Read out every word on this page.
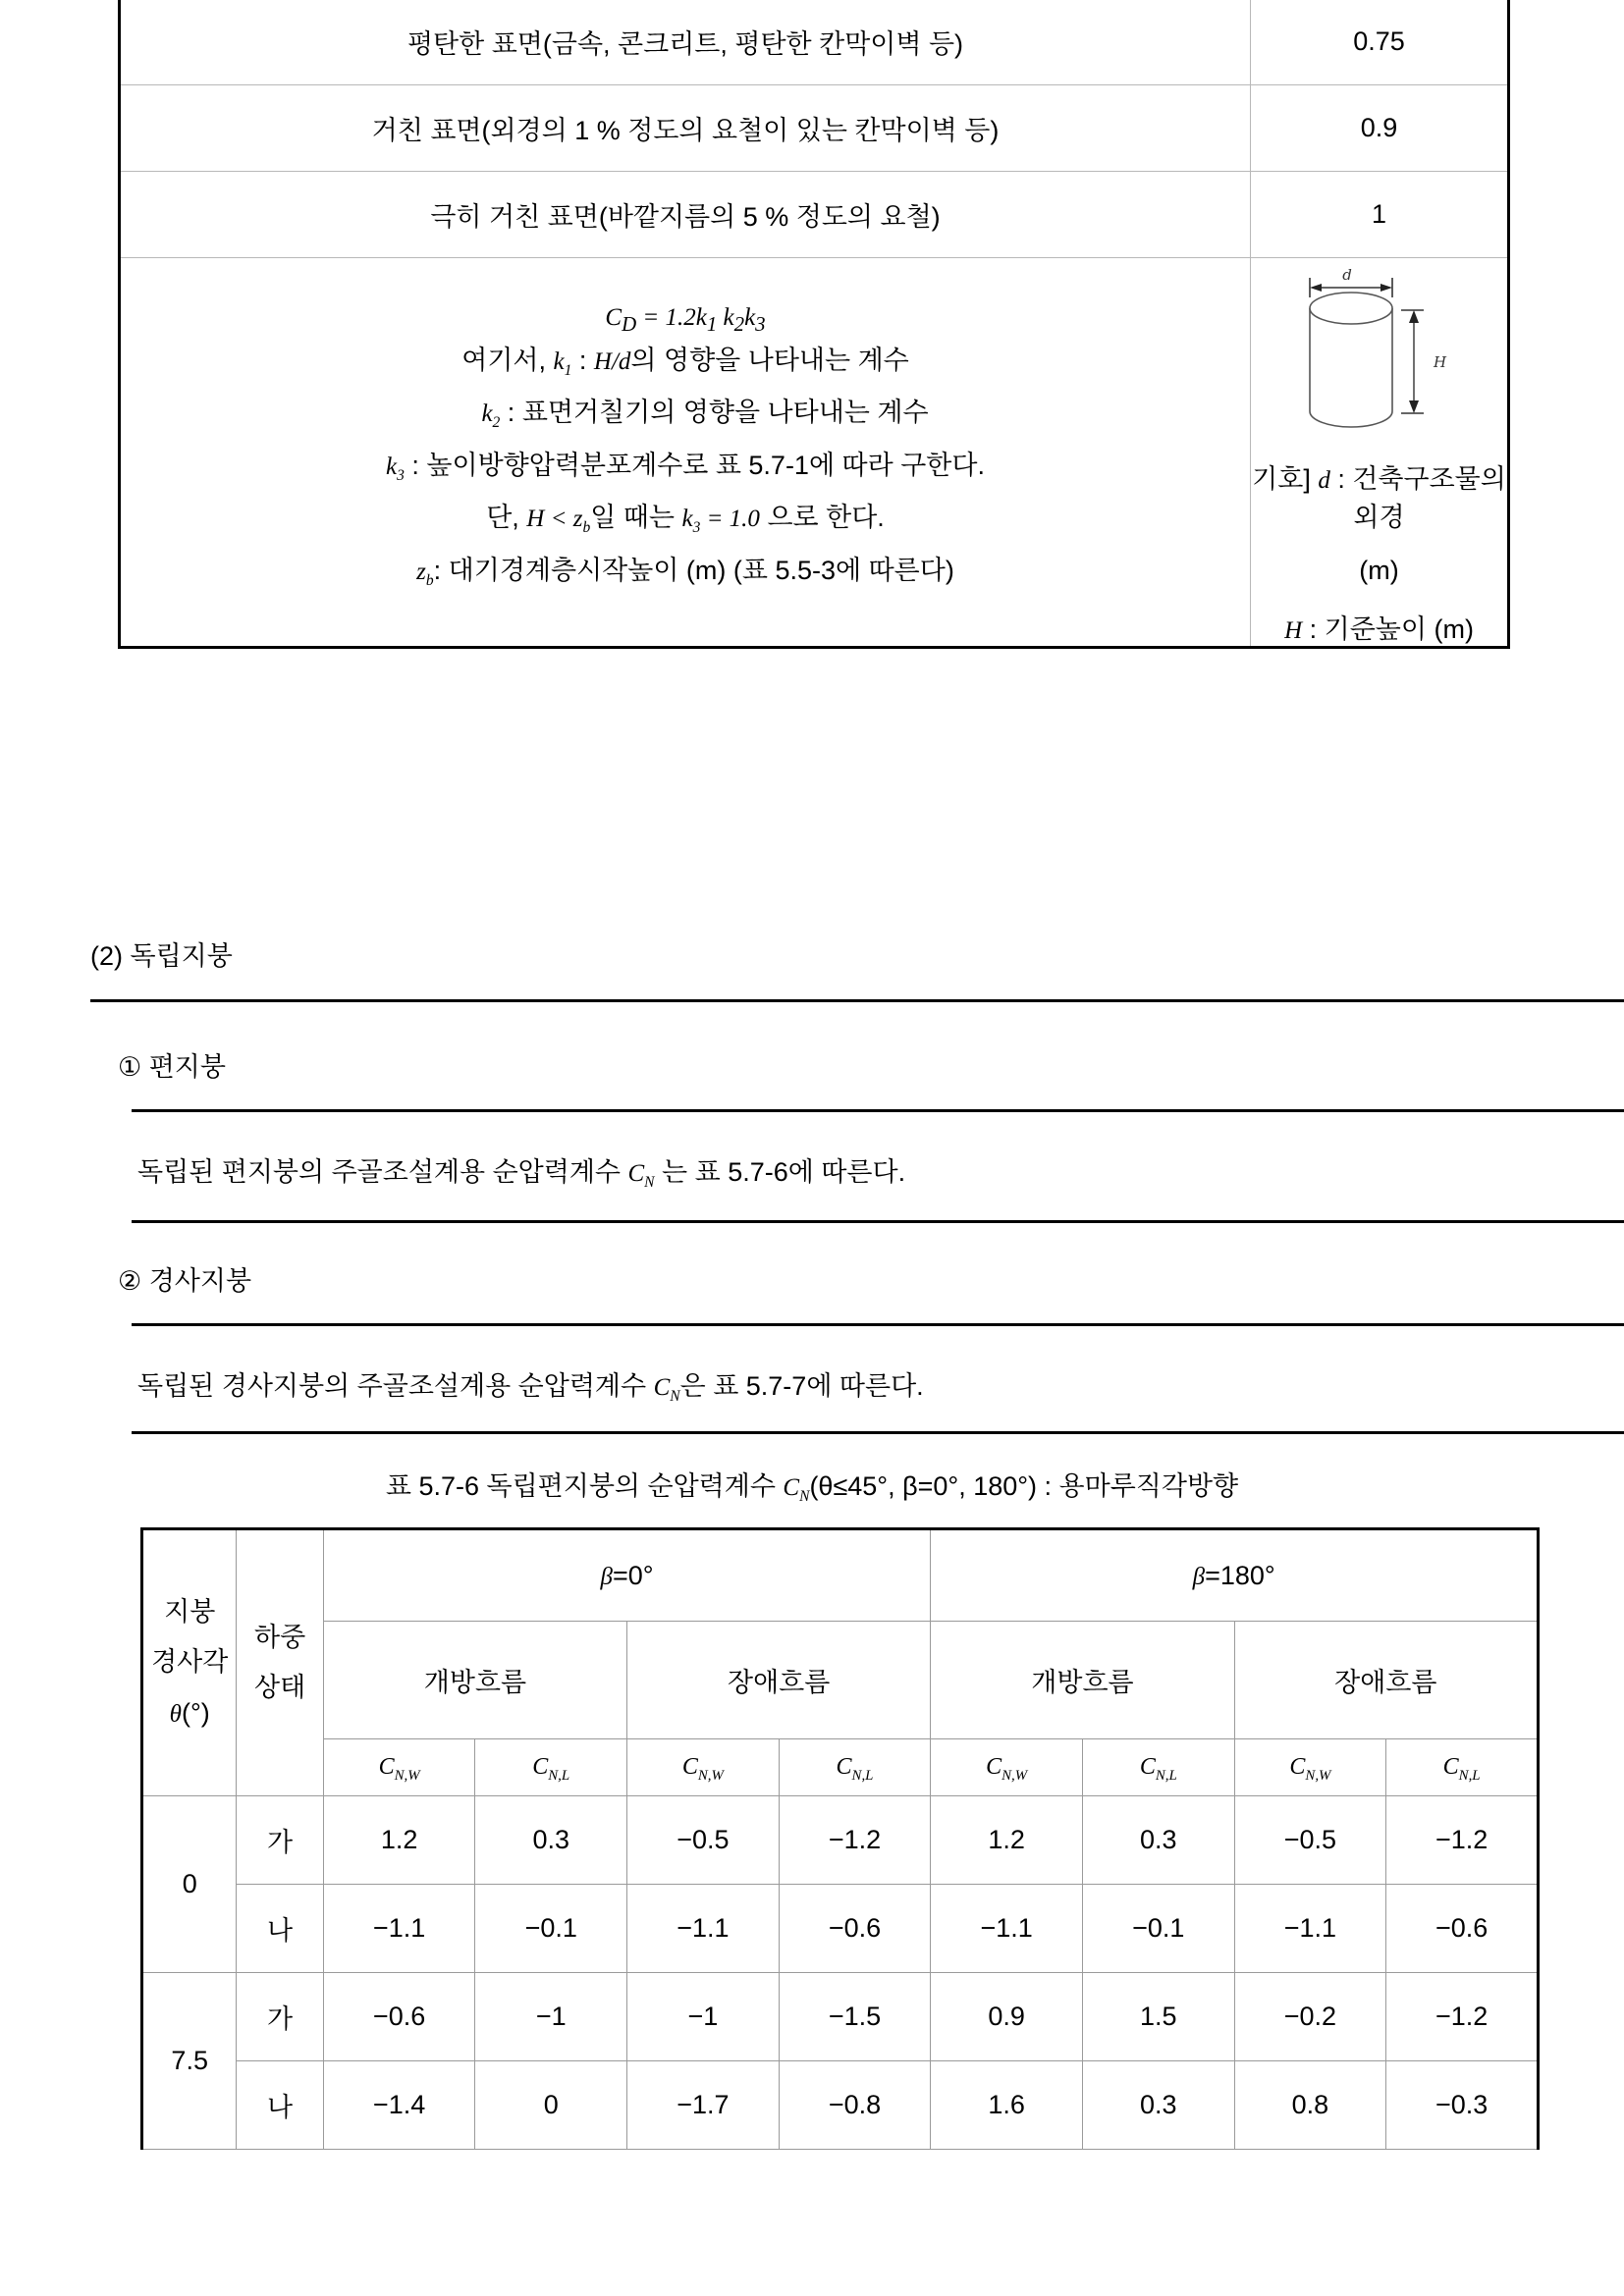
평탄한 표면(금속, 콘크리트, 평탄한 칸막이벽 등)	0.75
거친 표면(외경의 1 % 정도의 요철이 있는 칸막이벽 등)	0.9
극히 거친 표면(바깥지름의 5 % 정도의 요철)	1

$C_D = 1.2k_1$ $k_2k_3$
여기서, $k_1$ : H/d의 영향을 나타내는 계수
$k_2$ : 표면거칠기의 영향을 나타내는 계수
$k_3$ : 높이방향압력분포계수로 표 5.7-1에 따라 구한다.
단, $H < z_b$일 때는 $k_3 = 1.0$ 으로 한다.
$z_b$: 대기경계층시작높이 (m) (표 5.5-3에 따른다)

d
H

기호] d : 건축구조물의 외경

(m)

H : 기준높이 (m)

(2) 독립지붕
① 편지붕
독립된 편지붕의 주골조설계용 순압력계수 $C_N$ 는 표 5.7-6에 따른다.
② 경사지붕
독립된 경사지붕의 주골조설계용 순압력계수 $C_N$은 표 5.7-7에 따른다.
표 5.7-6 독립편지붕의 순압력계수 $C_N(\theta\le 45^\circ$, β=0°, 180°) : 용마루직각방향
지붕
경사각
θ(°)

하중
상태
	β=0°	β=180°
		개방흐름		장애흐름		개방흐름		장애흐름	
		$C_{N,W}$	$C_{N,L}$	$C_{N,W}$	$C_{N,L}$	$C_{N,W}$	$C_{N,L}$	$C_{N,W}$	$C_{N,L}$
0	가	1.2	0.3	−0.5	−1.2	1.2	0.3	−0.5	−1.2
	나	−1.1	−0.1	−1.1	−0.6	−1.1	−0.1	−1.1	−0.6
7.5	가	−0.6	−1	−1	−1.5	0.9	1.5	−0.2	−1.2
	나	−1.4	0	−1.7	−0.8	1.6	0.3	0.8	−0.3
